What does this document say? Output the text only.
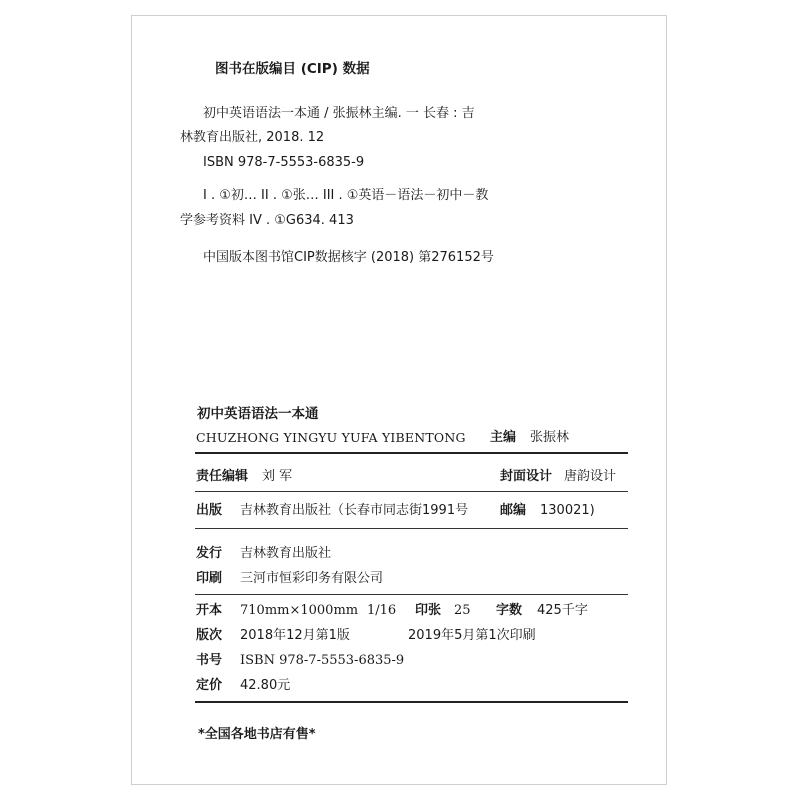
图书在版编目 (CIP) 数据
初中英语语法一本通 / 张振林主编. 一 长春 : 吉
林教育出版社, 2018. 12
ISBN 978-7-5553-6835-9
I . ①初… II . ①张… III . ①英语－语法－初中－教
学参考资料 IV . ①G634. 413
中国版本图书馆CIP数据核字 (2018) 第276152号
初中英语语法一本通
CHUZHONG YINGYU YUFA YIBENTONG 主编 张振林
责任编辑 刘 军	封面设计 唐韵设计
出版 吉林教育出版社（长春市同志街1991号 邮编 130021)
发行 吉林教育出版社
印刷 三河市恒彩印务有限公司
开本 710mm×1000mm 1/16 印张 25 字数 425千字
版次 2018年12月第1版	2019年5月第1次印刷
书号 ISBN 978-7-5553-6835-9
定价 42.80元
*全国各地书店有售*
